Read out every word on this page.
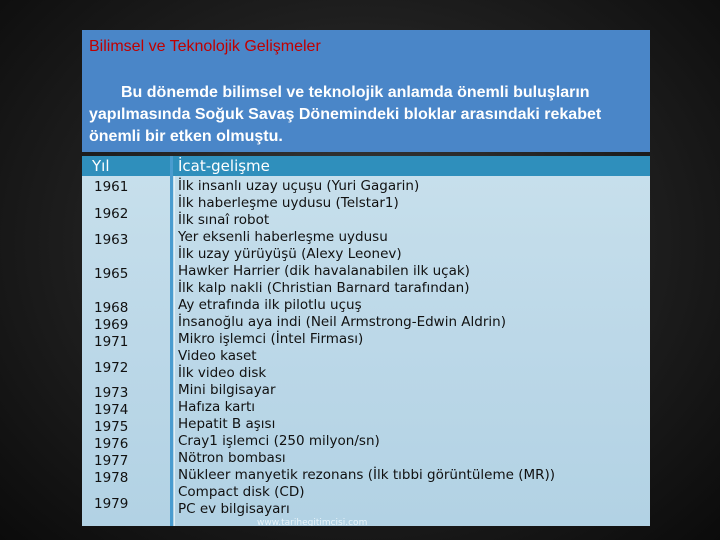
Bilimsel ve Teknolojik Gelişmeler
Bu dönemde bilimsel ve teknolojik anlamda önemli buluşların yapılmasında Soğuk Savaş Dönemindeki bloklar arasındaki rekabet önemli bir etken olmuştu.
Yıl	İcat-gelişme
1961
1962
1963
1965
1968
1969
1971
1972
1973
1974
1975
1976
1977
1978
1979
İlk insanlı uzay uçuşu (Yuri Gagarin)
İlk haberleşme uydusu (Telstar1)
İlk sınaî robot
Yer eksenli haberleşme uydusu
İlk uzay yürüyüşü (Alexy Leonev)
Hawker Harrier (dik havalanabilen ilk uçak)
İlk kalp nakli (Christian Barnard tarafından)
Ay etrafında ilk pilotlu uçuş
İnsanoğlu aya indi (Neil Armstrong-Edwin Aldrin)
Mikro işlemci (İntel Firması)
Video kaset
İlk video disk
Mini bilgisayar
Hafıza kartı
Hepatit B aşısı
Cray1 işlemci (250 milyon/sn)
Nötron bombası
Nükleer manyetik rezonans (İlk tıbbi görüntüleme (MR))
Compact disk (CD)
PC ev bilgisayarı
www.tarihegitimcisi.com
